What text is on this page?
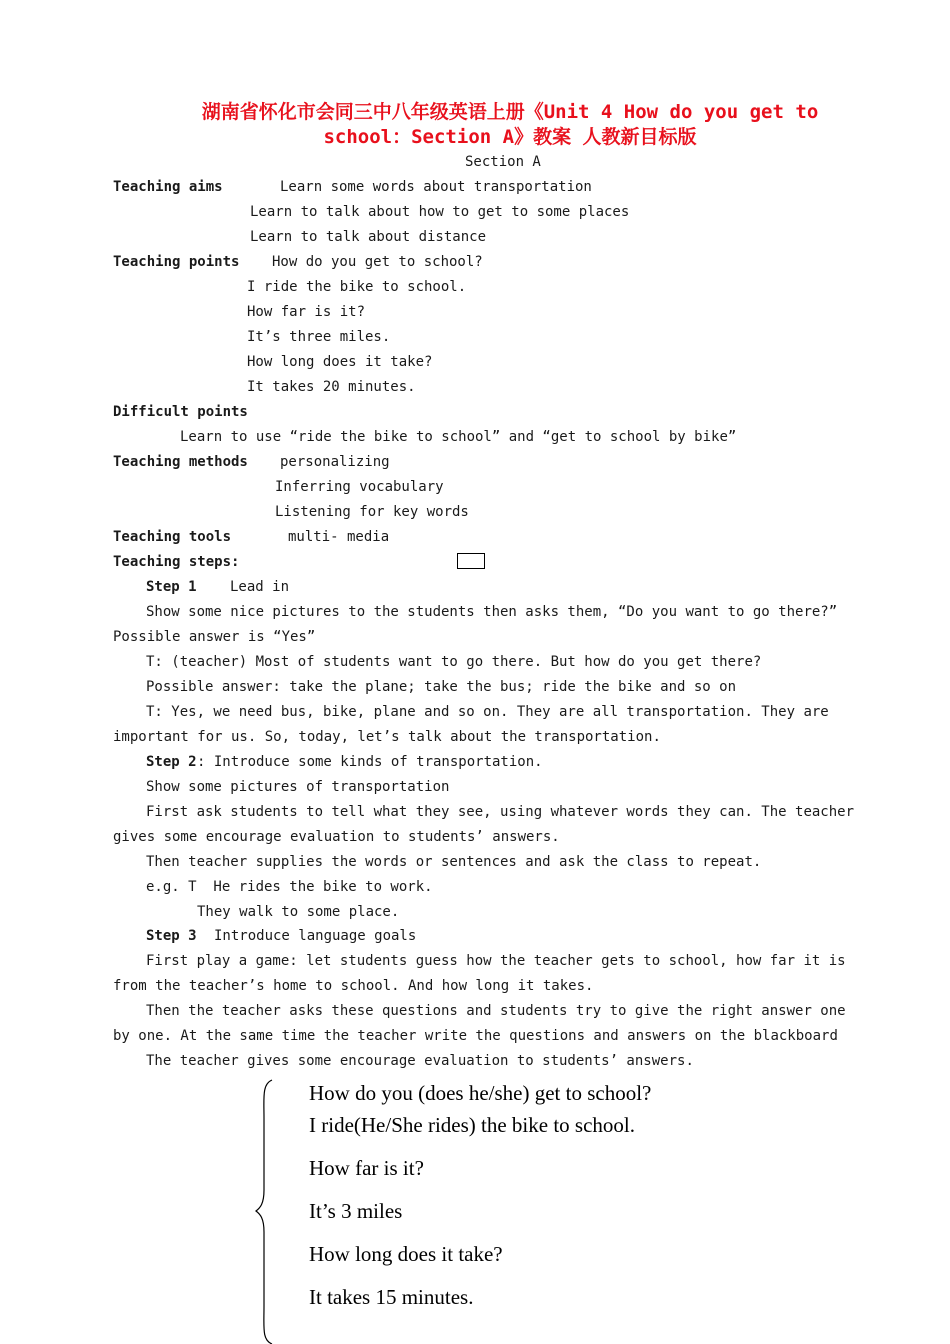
湖南省怀化市会同三中八年级英语上册《Unit 4 How do you get to
school：Section A》教案 人教新目标版
Section A
Teaching aims	Learn some words about transportation
Learn to talk about how to get to some places
Learn to talk about distance
Teaching points How do you get to school?
I ride the bike to school.
How far is it?
It’s three miles.
How long does it take?
It takes 20 minutes.
Difficult points
Learn to use “ride the bike to school” and “get to school by bike”
Teaching methods personalizing
Inferring vocabulary
Listening for key words
Teaching tools	multi- media
Teaching steps:
Step 1 Lead in
Show some nice pictures to the students then asks them, “Do you want to go there?”
Possible answer is “Yes”
T: (teacher) Most of students want to go there. But how do you get there?
Possible answer: take the plane; take the bus; ride the bike and so on
T: Yes, we need bus, bike, plane and so on. They are all transportation. They are
important for us. So, today, let’s talk about the transportation.
Step 2 : Introduce some kinds of transportation.
Show some pictures of transportation
First ask students to tell what they see, using whatever words they can. The teacher
gives some encourage evaluation to students’ answers.
Then teacher supplies the words or sentences and ask the class to repeat.
e.g. T  He rides the bike to work.
They walk to some place.
Step 3 Introduce language goals
First play a game: let students guess how the teacher gets to school, how far it is
from the teacher’s home to school. And how long it takes.
Then the teacher asks these questions and students try to give the right answer one
by one. At the same time the teacher write the questions and answers on the blackboard
The teacher gives some encourage evaluation to students’ answers.
How do you (does he/she) get to school?
I ride(He/She rides) the bike to school.
How far is it?
It’s 3 miles
How long does it take?
It takes 15 minutes.
